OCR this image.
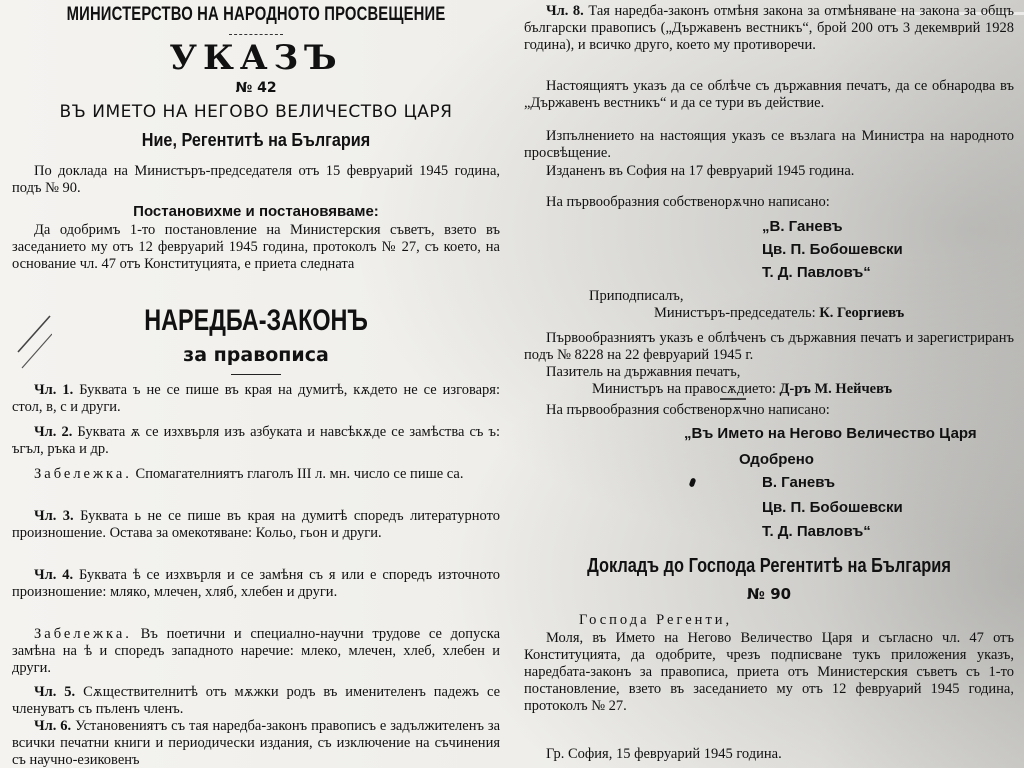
МИНИСТЕРСТВО НА НАРОДНОТО ПРОСВЕЩЕНИЕ
УКАЗЪ
№ 42
ВЪ ИМЕТО НА НЕГОВО ВЕЛИЧЕСТВО ЦАРЯ
Ние, Регентитѣ на България
По доклада на Министъръ-председателя отъ 15 февруарий 1945 година, подъ № 90.
Постановихме и постановяваме:
Да одобримъ 1-то постановление на Министерския съветъ, взето въ заседанието му отъ 12 февруарий 1945 година, протоколъ № 27, съ което, на основание чл. 47 отъ Конституцията, е приета следната
НАРЕДБА-ЗАКОНЪ
за правописа
Чл. 1. Буквата ъ не се пише въ края на думитѣ, кѫдето не се изговаря: стол, в, с и други.
Чл. 2. Буквата ѫ се изхвърля изъ азбуката и навсѣкѫде се замѣства съ ъ: ъгъл, ръка и др.
Забележка. Спомагателниятъ глаголъ III л. мн. число се пише са.
Чл. 3. Буквата ь не се пише въ края на думитѣ споредъ литературното произношение. Остава за омекотяване: Кольо, гьон и други.
Чл. 4. Буквата ѣ се изхвърля и се замѣня съ я или е споредъ източното произношение: мляко, млечен, хляб, хлебен и други.
Забележка. Въ поетични и специално-научни трудове се допуска замѣна на ѣ и споредъ западното наречие: млеко, млечен, хлеб, хлебен и други.
Чл. 5. Сѫществителнитѣ отъ мѫжки родъ въ именителенъ падежъ се членуватъ съ пъленъ членъ.
Чл. 6. Установениятъ съ тая наредба-законъ правописъ е задължителенъ за всички печатни книги и периодически издания, съ изключение на съчинения съ научно-езиковенъ
Чл. 8. Тая наредба-законъ отмѣня закона за отмѣняване на закона за общъ български правописъ („Държавенъ вестникъ“, брой 200 отъ 3 декемврий 1928 година), и всичко друго, което му противоречи.
Настоящиятъ указъ да се облѣче съ държавния печатъ, да се обнародва въ „Държавенъ вестникъ“ и да се тури въ действие.
Изпълнението на настоящия указъ се възлага на Министра на народното просвѣщение.
Изданенъ въ София на 17 февруарий 1945 година.
На първообразния собственорѫчно написано:
„В. Ганевъ
Цв. П. Бобошевски
Т. Д. Павловъ“
Приподписалъ,
Министъръ-председатель: К. Георгиевъ
Първообразниятъ указъ е облѣченъ съ държавния печатъ и зарегистриранъ подъ № 8228 на 22 февруарий 1945 г.
Пазитель на държавния печатъ,
Министъръ на правосѫдието: Д-ръ М. Нейчевъ
На първообразния собственорѫчно написано:
„Въ Името на Негово Величество Царя
Одобрено
В. Ганевъ
Цв. П. Бобошевски
Т. Д. Павловъ“
Докладъ до Господа Регентитѣ на България
№ 90
Господа Регенти,
Моля, въ Името на Негово Величество Царя и съгласно чл. 47 отъ Конституцията, да одобрите, чрезъ подписване тукъ приложения указъ, наредбата-законъ за правописа, приета отъ Министерския съветъ съ 1-то постановление, взето въ заседанието му отъ 12 февруарий 1945 година, протоколъ № 27.
Гр. София, 15 февруарий 1945 година.
